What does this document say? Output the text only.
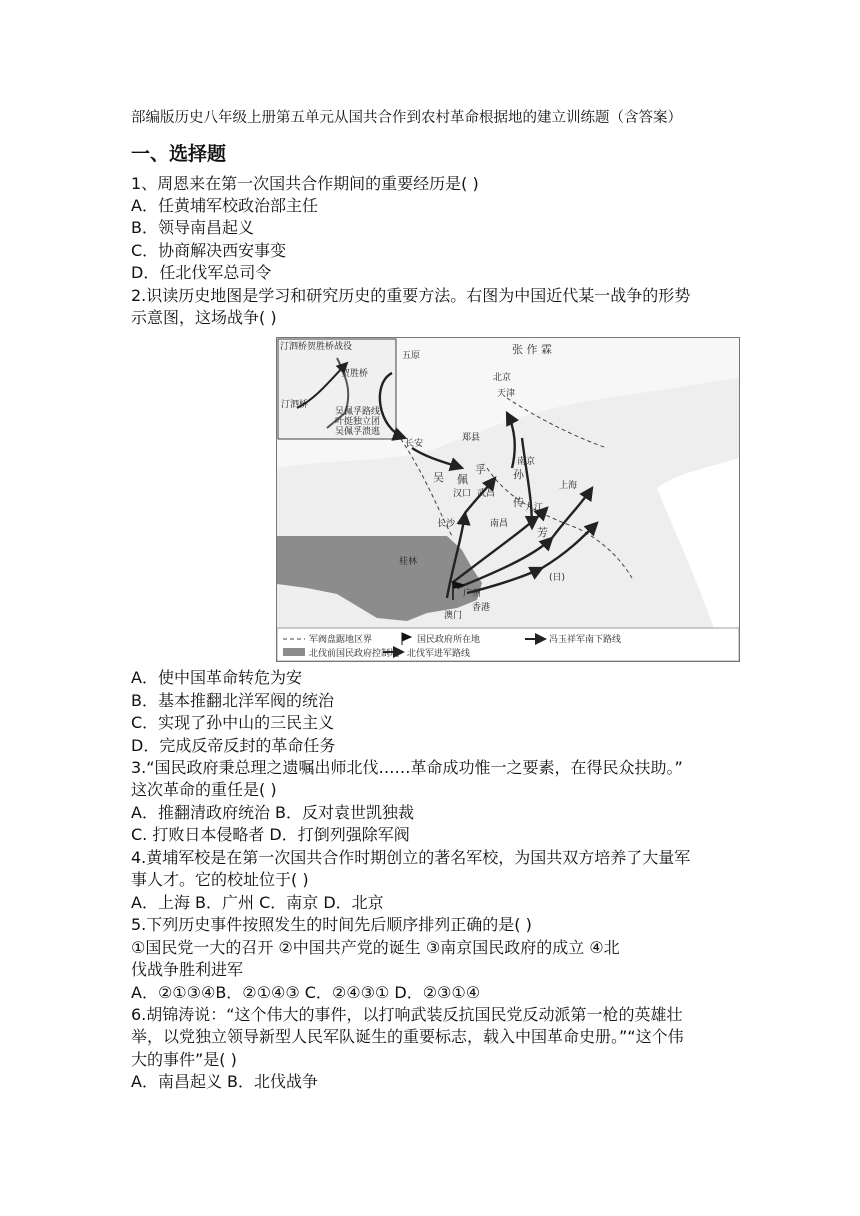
部编版历史八年级上册第五单元从国共合作到农村革命根据地的建立训练题（含答案）
一、选择题
1、周恩来在第一次国共合作期间的重要经历是( )
A．任黄埔军校政治部主任
B．领导南昌起义
C．协商解决西安事变
D．任北伐军总司令
2.识读历史地图是学习和研究历史的重要方法。右图为中国近代某一战争的形势
示意图，这场战争( )
汀泗桥贺胜桥战役
贺胜桥
汀泗桥
吴佩孚路线
叶挺独立团
吴佩孚溃逃
张 作 霖
五原
北京
天津
长安
郑县
吴 佩
孚
汉口 武昌
南京
上海
孙
传
芳
九江
长沙	南昌
桂林
广州
澳门
香港
(日)
军阀盘踞地区界	国民政府所在地	冯玉祥军南下路线
北伐前国民政府控制地 北伐军进军路线
A．使中国革命转危为安
B．基本推翻北洋军阀的统治
C．实现了孙中山的三民主义
D．完成反帝反封的革命任务
3.“国民政府秉总理之遗嘱出师北伐……革命成功惟一之要素，在得民众扶助。”
这次革命的重任是( )
A．推翻清政府统治 B．反对袁世凯独裁
C. 打败日本侵略者 D．打倒列强除军阀
4.黄埔军校是在第一次国共合作时期创立的著名军校，为国共双方培养了大量军
事人才。它的校址位于( )
A．上海 B．广州 C．南京 D．北京
5.下列历史事件按照发生的时间先后顺序排列正确的是( )
①国民党一大的召开 ②中国共产党的诞生 ③南京国民政府的成立 ④北
伐战争胜利进军
A．②①③④B．②①④③ C．②④③① D．②③①④
6.胡锦涛说：“这个伟大的事件，以打响武装反抗国民党反动派第一枪的英雄壮
举，以党独立领导新型人民军队诞生的重要标志，载入中国革命史册。”“这个伟
大的事件”是( )
A．南昌起义 B．北伐战争
